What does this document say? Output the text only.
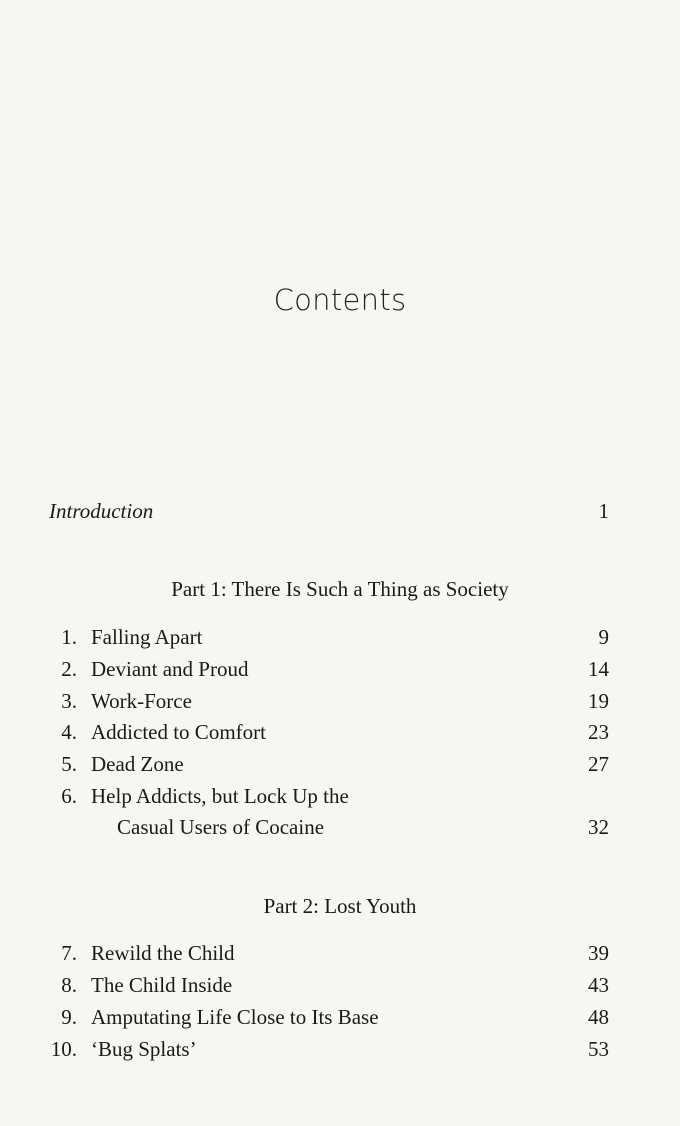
Contents
Introduction	1
Part 1: There Is Such a Thing as Society
1. Falling Apart	9
2. Deviant and Proud	14
3. Work-Force	19
4. Addicted to Comfort	23
5. Dead Zone	27
6. Help Addicts, but Lock Up the
Casual Users of Cocaine	32
Part 2: Lost Youth
7. Rewild the Child	39
8. The Child Inside	43
9. Amputating Life Close to Its Base	48
10. ‘Bug Splats’	53
